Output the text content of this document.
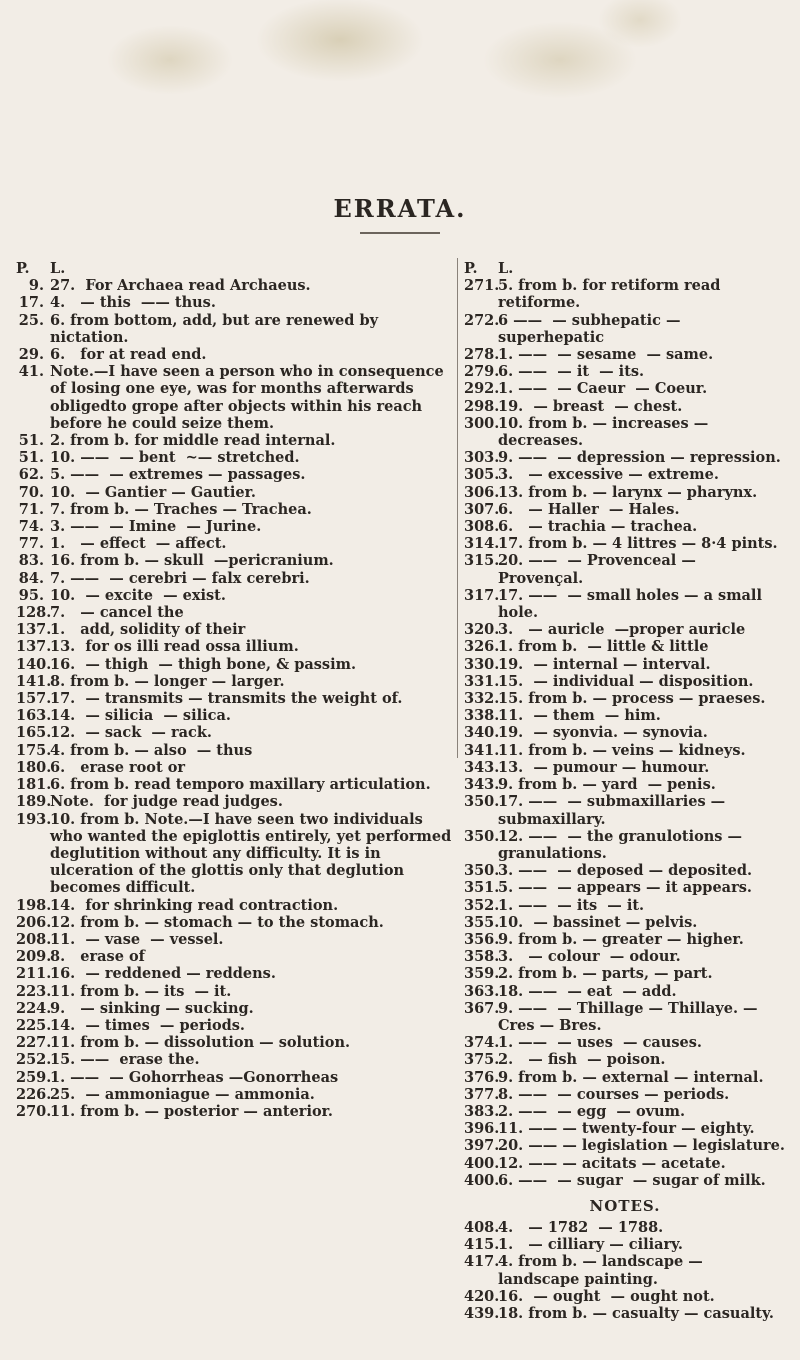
ERRATA.
P.	L.
9. 27.  For Archaea read Archaeus.
17. 4.   — this  —— thus.
25. 6. from bottom, add, but are renewed by nictation.
29. 6.   for at read end.
41. Note.—I have seen a person who in consequence of losing one eye, was for months afterwards obligedto grope after objects within his reach before he could seize them.
51. 2. from b. for middle read internal.
51. 10. ——  — bent  ~— stretched.
62. 5. ——  — extremes — passages.
70. 10.  — Gantier — Gautier.
71. 7. from b. — Traches — Trachea.
74. 3. ——  — Imine  — Jurine.
77. 1.   — effect  — affect.
83. 16. from b. — skull  —pericranium.
84. 7. ——  — cerebri — falx cerebri.
95. 10.  — excite  — exist.
128.
7.   — cancel the
137.
1.   add, solidity of their
137.
13.  for os illi read ossa illium.
140.
16.  — thigh  — thigh bone, & passim.
141.
8. from b. — longer — larger.
157.
17.  — transmits — transmits the weight of.
163.
14.  — silicia  — silica.
165.
12.  — sack  — rack.
175.
4. from b. — also  — thus
180.
6.   erase root or
181.
6. from b. read temporo maxillary articulation.
189.
Note.  for judge read judges.
193.
10. from b. Note.—I have seen two individuals who wanted the epiglottis entirely, yet performed deglutition without any difficulty. It is in ulceration of the glottis only that deglution becomes difficult.
198.
14.  for shrinking read contraction.
206.
12. from b. — stomach — to the stomach.
208.
11.  — vase  — vessel.
209.
8.   erase of
211.
16.  — reddened — reddens.
223.
11. from b. — its  — it.
224.
9.   — sinking — sucking.
225.
14.  — times  — periods.
227.
11. from b. — dissolution — solution.
252.
15. ——  erase the.
259.
1. ——  — Gohorrheas —Gonorrheas
226.
25.  — ammoniague — ammonia.
270.
11. from b. — posterior — anterior.
P.	L.
271.
5. from b. for retiform read retiforme.
272.
6 ——  — subhepatic — superhepatic
278.
1. ——  — sesame  — same.
279.
6. ——  — it  — its.
292.
1. ——  — Caeur  — Coeur.
298.
19.  — breast  — chest.
300.
10. from b. — increases — decreases.
303.
9. ——  — depression — repression.
305.
3.   — excessive — extreme.
306.
13. from b. — larynx — pharynx.
307.
6.   — Haller  — Hales.
308.
6.   — trachia — trachea.
314.
17. from b. — 4 littres — 8·4 pints.
315.
20. ——  — Provenceal — Provençal.
317.
17. ——  — small holes — a small hole.
320.
3.   — auricle  —proper auricle
326.
1. from b.  — little & little
330.
19.  — internal — interval.
331.
15.  — individual — disposition.
332.
15. from b. — process — praeses.
338.
11.  — them  — him.
340.
19.  — syonvia. — synovia.
341.
11. from b. — veins — kidneys.
343.
13.  — pumour — humour.
343.
9. from b. — yard  — penis.
350.
17. ——  — submaxillaries — submaxillary.
350.
12. ——  — the granulotions — granulations.
350.
3. ——  — deposed — deposited.
351.
5. ——  — appears — it appears.
352.
1. ——  — its  — it.
355.
10.  — bassinet — pelvis.
356.
9. from b. — greater — higher.
358.
3.   — colour  — odour.
359.
2. from b. — parts, — part.
363.
18. ——  — eat  — add.
367.
9. ——  — Thillage — Thillaye. — Cres — Bres.
374.
1. ——  — uses  — causes.
375.
2.   — fish  — poison.
376.
9. from b. — external — internal.
377.
8. ——  — courses — periods.
383.
2. ——  — egg  — ovum.
396.
11. —— — twenty-four — eighty.
397.
20. —— — legislation — legislature.
400.
12. —— — acitats — acetate.
400.
6. ——  — sugar  — sugar of milk.
NOTES.
408.
4.   — 1782  — 1788.
415.
1.   — cilliary — ciliary.
417.
4. from b. — landscape — landscape painting.
420.
16.  — ought  — ought not.
439.
18. from b. — casualty — casualty.
